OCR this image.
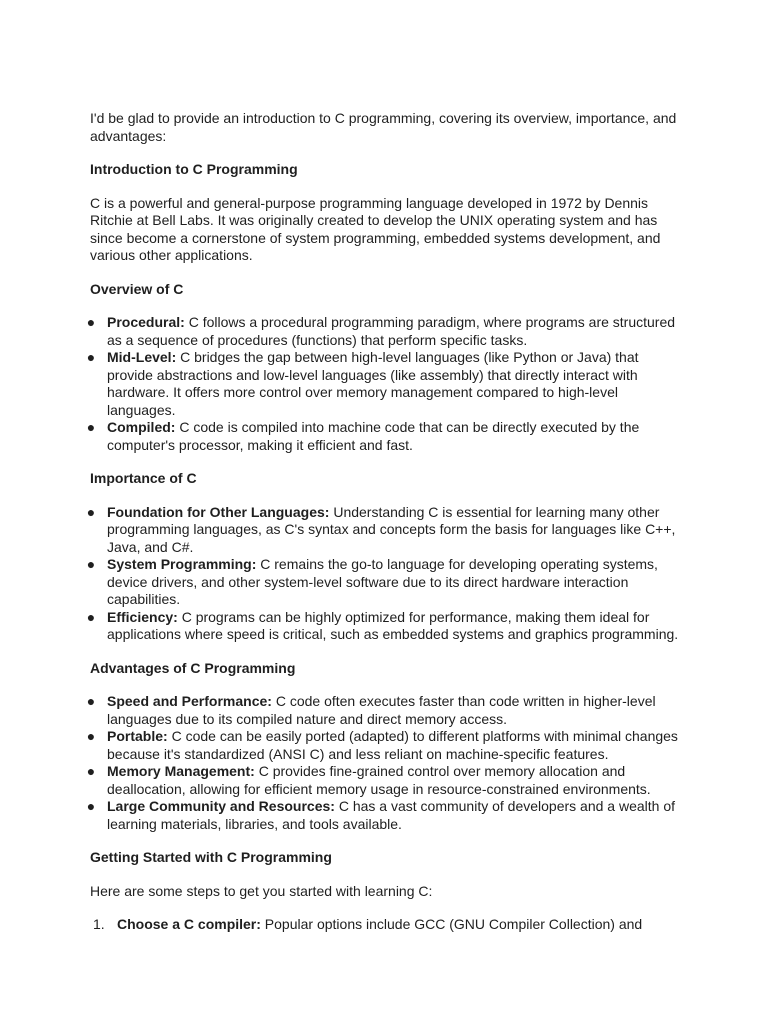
I'd be glad to provide an introduction to C programming, covering its overview, importance, and advantages:

Introduction to C Programming

C is a powerful and general-purpose programming language developed in 1972 by Dennis Ritchie at Bell Labs. It was originally created to develop the UNIX operating system and has since become a cornerstone of system programming, embedded systems development, and various other applications.

Overview of C

● Procedural: C follows a procedural programming paradigm, where programs are structured as a sequence of procedures (functions) that perform specific tasks.
● Mid-Level: C bridges the gap between high-level languages (like Python or Java) that provide abstractions and low-level languages (like assembly) that directly interact with hardware. It offers more control over memory management compared to high-level languages.
● Compiled: C code is compiled into machine code that can be directly executed by the computer's processor, making it efficient and fast.

Importance of C

● Foundation for Other Languages: Understanding C is essential for learning many other programming languages, as C's syntax and concepts form the basis for languages like C++, Java, and C#.
● System Programming: C remains the go-to language for developing operating systems, device drivers, and other system-level software due to its direct hardware interaction capabilities.
● Efficiency: C programs can be highly optimized for performance, making them ideal for applications where speed is critical, such as embedded systems and graphics programming.

Advantages of C Programming

● Speed and Performance: C code often executes faster than code written in higher-level languages due to its compiled nature and direct memory access.
● Portable: C code can be easily ported (adapted) to different platforms with minimal changes because it's standardized (ANSI C) and less reliant on machine-specific features.
● Memory Management: C provides fine-grained control over memory allocation and deallocation, allowing for efficient memory usage in resource-constrained environments.
● Large Community and Resources: C has a vast community of developers and a wealth of learning materials, libraries, and tools available.

Getting Started with C Programming

Here are some steps to get you started with learning C:

1. Choose a C compiler: Popular options include GCC (GNU Compiler Collection) and
